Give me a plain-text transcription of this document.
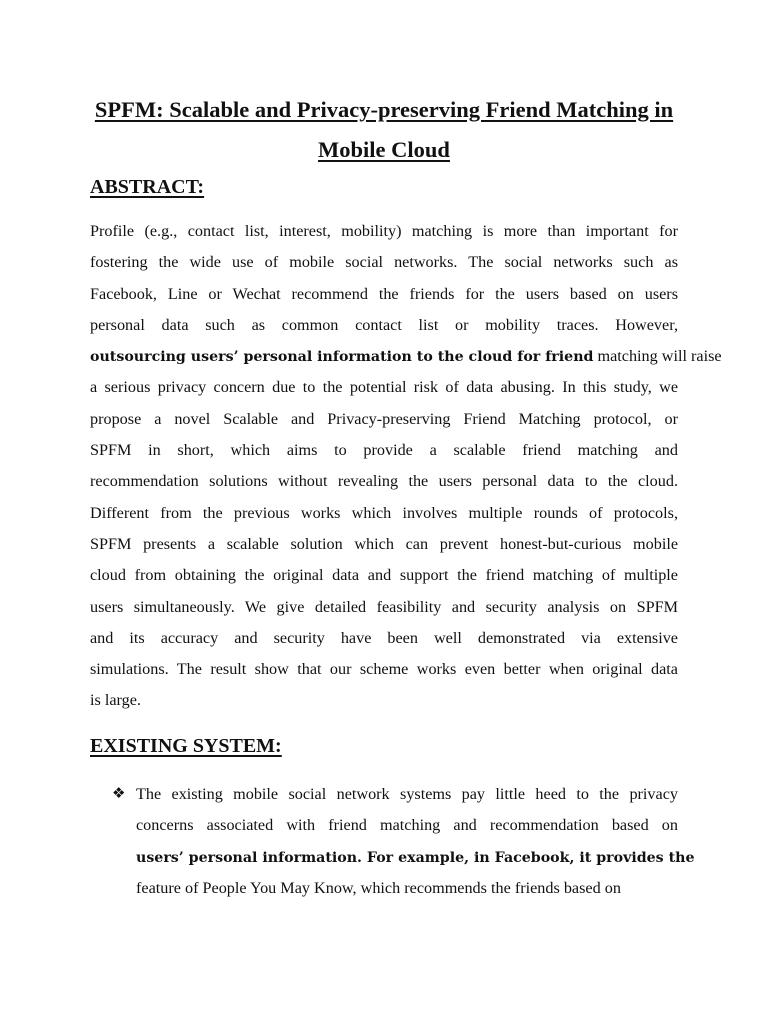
SPFM: Scalable and Privacy-preserving Friend Matching in
Mobile Cloud
ABSTRACT:
Profile (e.g., contact list, interest, mobility) matching is more than important for
fostering the wide use of mobile social networks. The social networks such as
Facebook, Line or Wechat recommend the friends for the users based on users
personal data such as common contact list or mobility traces. However,
outsourcing users’ personal information to the cloud for friend matching will raise
a serious privacy concern due to the potential risk of data abusing. In this study, we
propose a novel Scalable and Privacy-preserving Friend Matching protocol, or
SPFM in short, which aims to provide a scalable friend matching and
recommendation solutions without revealing the users personal data to the cloud.
Different from the previous works which involves multiple rounds of protocols,
SPFM presents a scalable solution which can prevent honest-but-curious mobile
cloud from obtaining the original data and support the friend matching of multiple
users simultaneously. We give detailed feasibility and security analysis on SPFM
and its accuracy and security have been well demonstrated via extensive
simulations. The result show that our scheme works even better when original data
is large.
EXISTING SYSTEM:
❖ The existing mobile social network systems pay little heed to the privacy
concerns associated with friend matching and recommendation based on
users’ personal information. For example, in Facebook, it provides the
feature of People You May Know, which recommends the friends based on
